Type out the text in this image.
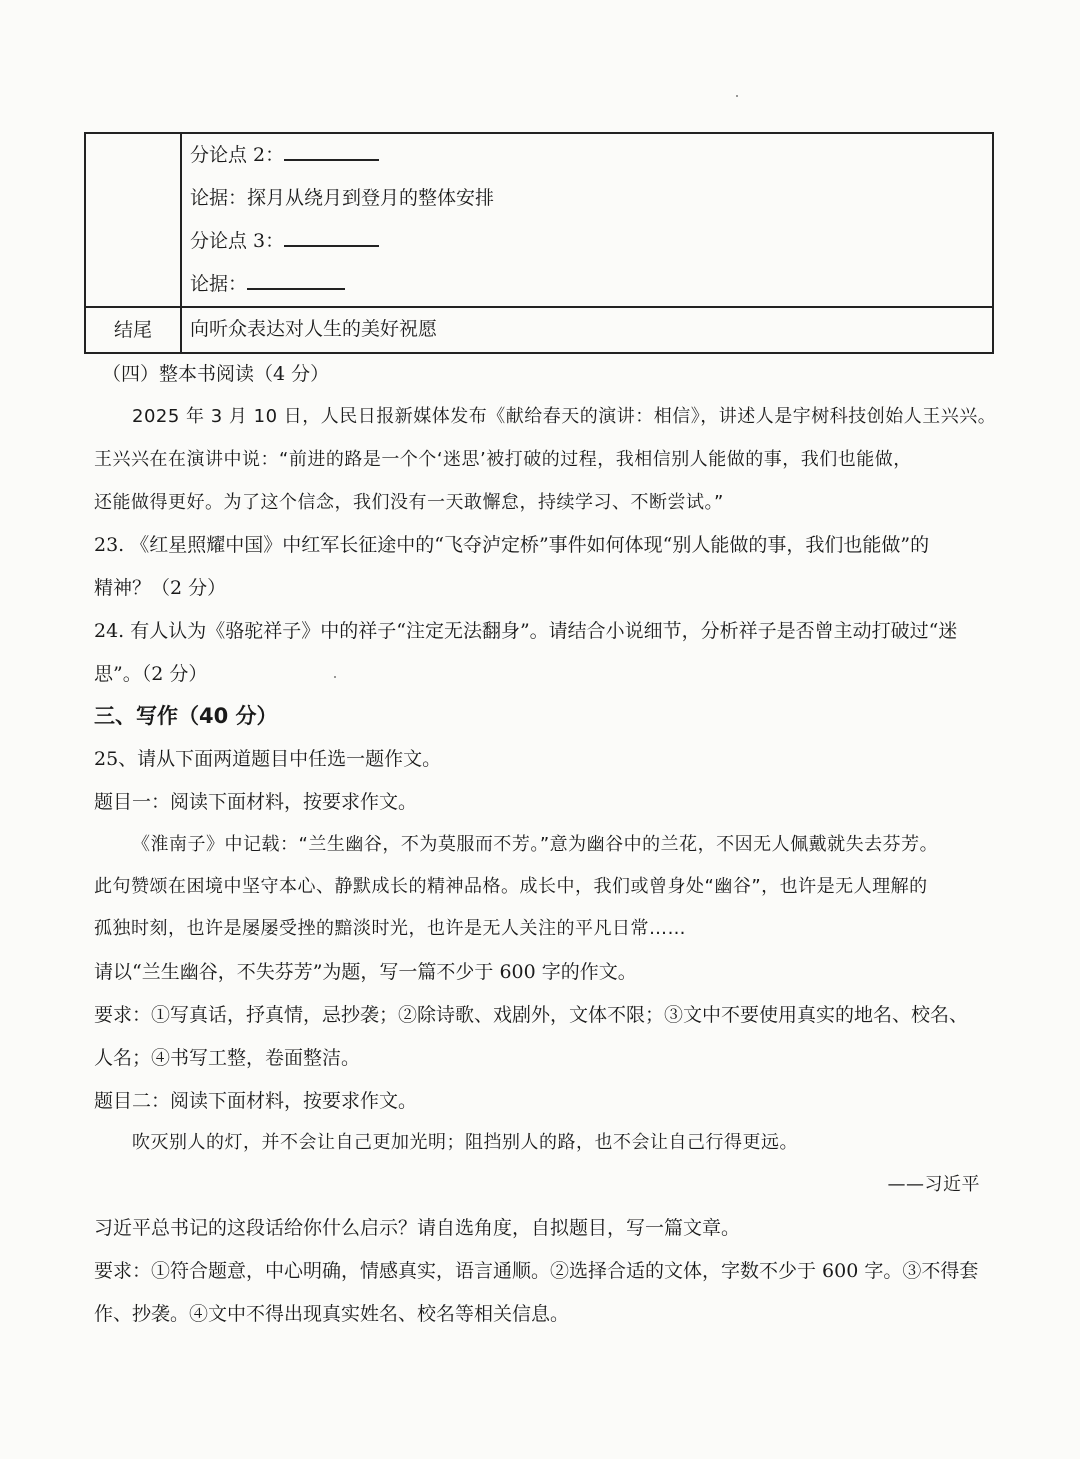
	分论点 2：
论据：探月从绕月到登月的整体安排
分论点 3：
论据：

结尾	向听众表达对人生的美好祝愿
（四）整本书阅读（4 分）
2025 年 3 月 10 日，人民日报新媒体发布《献给春天的演讲：相信》，讲述人是宇树科技创始人王兴兴。
王兴兴在在演讲中说：“前进的路是一个个‘迷思’被打破的过程，我相信别人能做的事，我们也能做，
还能做得更好。为了这个信念，我们没有一天敢懈怠，持续学习、不断尝试。”
23. 《红星照耀中国》中红军长征途中的“飞夺泸定桥”事件如何体现“别人能做的事，我们也能做”的
精神？（2 分）
24. 有人认为《骆驼祥子》中的祥子“注定无法翻身”。请结合小说细节，分析祥子是否曾主动打破过“迷
思”。（2 分）
三、写作（40 分）
25、请从下面两道题目中任选一题作文。
题目一：阅读下面材料，按要求作文。
《淮南子》中记载：“兰生幽谷，不为莫服而不芳。”意为幽谷中的兰花，不因无人佩戴就失去芬芳。
此句赞颂在困境中坚守本心、静默成长的精神品格。成长中，我们或曾身处“幽谷”，也许是无人理解的
孤独时刻，也许是屡屡受挫的黯淡时光，也许是无人关注的平凡日常……
请以“兰生幽谷，不失芬芳”为题，写一篇不少于 600 字的作文。
要求：①写真话，抒真情，忌抄袭；②除诗歌、戏剧外，文体不限；③文中不要使用真实的地名、校名、
人名；④书写工整，卷面整洁。
题目二：阅读下面材料，按要求作文。
吹灭别人的灯，并不会让自己更加光明；阻挡别人的路，也不会让自己行得更远。
——习近平
习近平总书记的这段话给你什么启示？请自选角度，自拟题目，写一篇文章。
要求：①符合题意，中心明确，情感真实，语言通顺。②选择合适的文体，字数不少于 600 字。③不得套
作、抄袭。④文中不得出现真实姓名、校名等相关信息。
